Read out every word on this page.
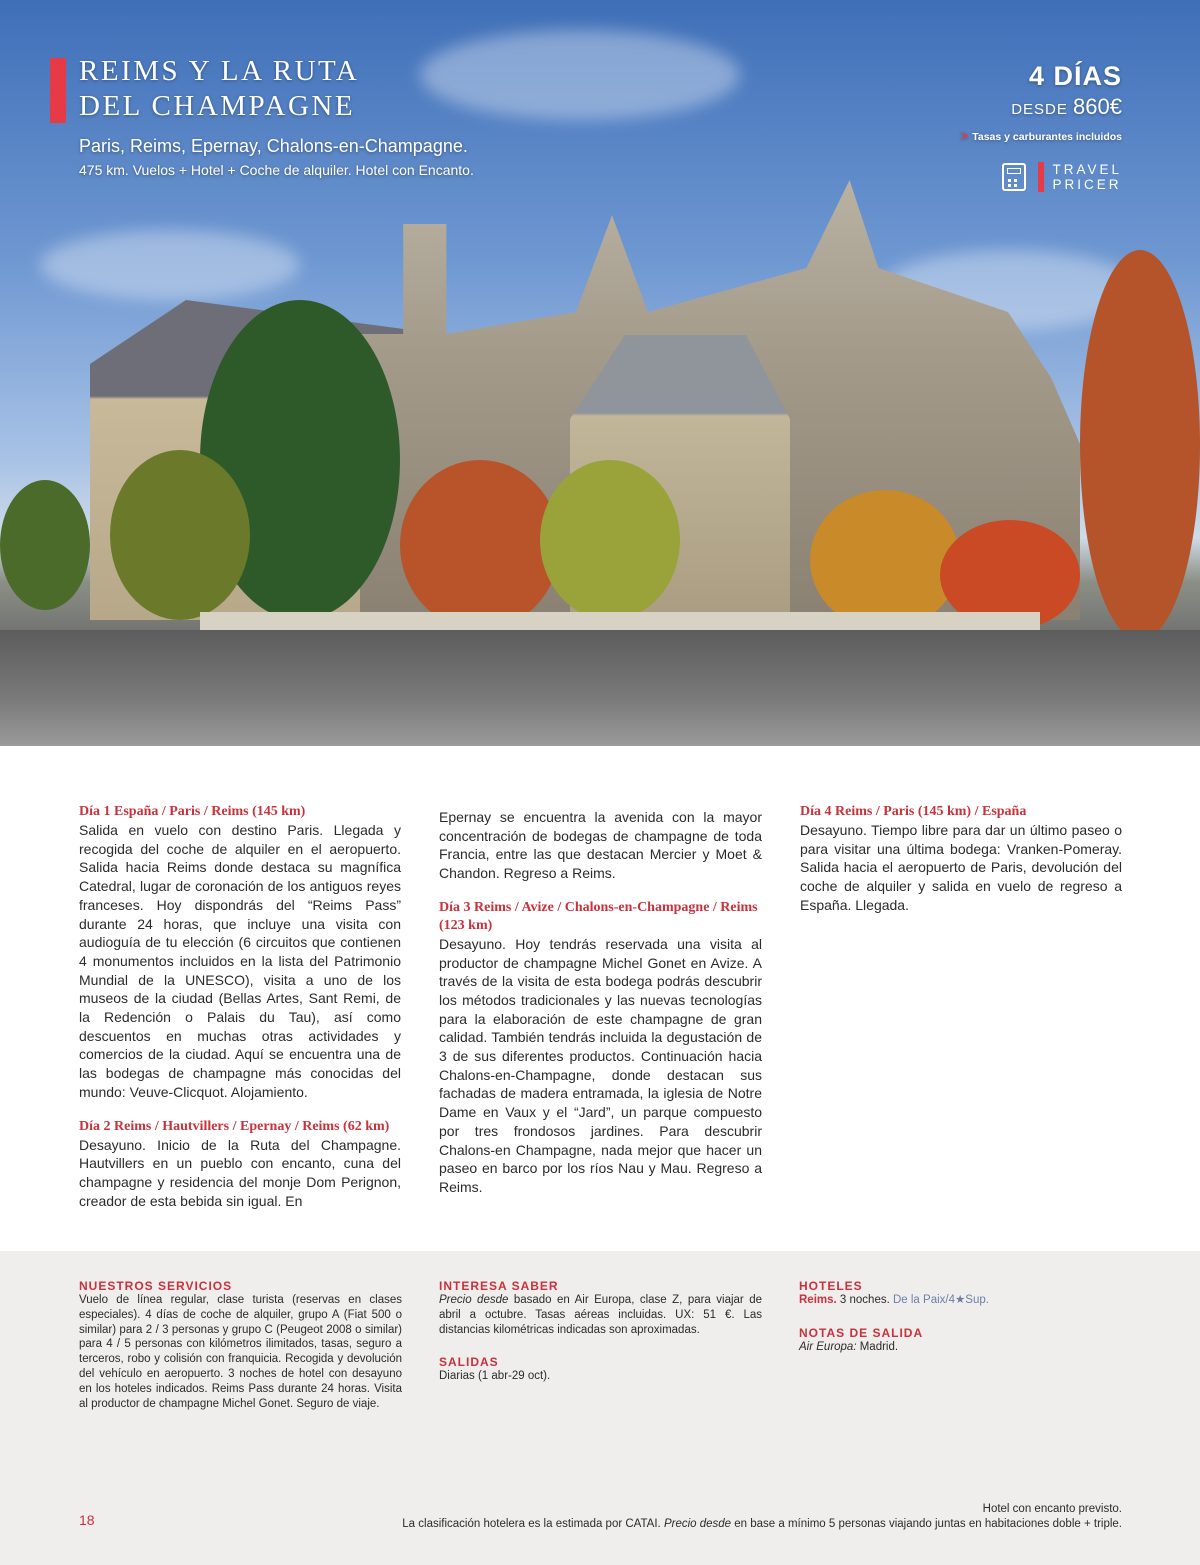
REIMS Y LA RUTA
DEL CHAMPAGNE
Paris, Reims, Epernay, Chalons-en-Champagne.
475 km. Vuelos + Hotel + Coche de alquiler. Hotel con Encanto.
4 DÍAS
DESDE 860€
> Tasas y carburantes incluidos
TRAVEL
PRICER
Día 1 España / Paris / Reims (145 km)

Salida en vuelo con destino Paris. Llegada y recogida del coche de alquiler en el aeropuerto. Salida hacia Reims donde destaca su magnífica Catedral, lugar de coronación de los antiguos reyes franceses. Hoy dispondrás del “Reims Pass” durante 24 horas, que incluye una visita con audioguía de tu elección (6 circuitos que contienen 4 monumentos incluidos en la lista del Patrimonio Mundial de la UNESCO), visita a uno de los museos de la ciudad (Bellas Artes, Sant Remi, de la Redención o Palais du Tau), así como descuentos en muchas otras actividades y comercios de la ciudad. Aquí se encuentra una de las bodegas de champagne más conocidas del mundo: Veuve-Clicquot. Alojamiento.

Día 2 Reims / Hautvillers / Epernay / Reims (62 km)

Desayuno. Inicio de la Ruta del Champagne. Hautvillers en un pueblo con encanto, cuna del champagne y residencia del monje Dom Perignon, creador de esta bebida sin igual. En

Epernay se encuentra la avenida con la mayor concentración de bodegas de champagne de toda Francia, entre las que destacan Mercier y Moet & Chandon. Regreso a Reims.

Día 3 Reims / Avize / Chalons-en-Champagne / Reims (123 km)

Desayuno. Hoy tendrás reservada una visita al productor de champagne Michel Gonet en Avize. A través de la visita de esta bodega podrás descubrir los métodos tradicionales y las nuevas tecnologías para la elaboración de este champagne de gran calidad. También tendrás incluida la degustación de 3 de sus diferentes productos. Continuación hacia Chalons-en-Champagne, donde destacan sus fachadas de madera entramada, la iglesia de Notre Dame en Vaux y el “Jard”, un parque compuesto por tres frondosos jardines. Para descubrir Chalons-en Champagne, nada mejor que hacer un paseo en barco por los ríos Nau y Mau. Regreso a Reims.

Día 4 Reims / Paris (145 km) / España

Desayuno. Tiempo libre para dar un último paseo o para visitar una última bodega: Vranken-Pomeray. Salida hacia el aeropuerto de Paris, devolución del coche de alquiler y salida en vuelo de regreso a España. Llegada.

NUESTROS SERVICIOS

Vuelo de línea regular, clase turista (reservas en clases especiales). 4 días de coche de alquiler, grupo A (Fiat 500 o similar) para 2 / 3 personas y grupo C (Peugeot 2008 o similar) para 4 / 5 personas con kilómetros ilimitados, tasas, seguro a terceros, robo y colisión con franquicia. Recogida y devolución del vehículo en aeropuerto. 3 noches de hotel con desayuno en los hoteles indicados. Reims Pass durante 24 horas. Visita al productor de champagne Michel Gonet. Seguro de viaje.

INTERESA SABER

Precio desde basado en Air Europa, clase Z, para viajar de abril a octubre. Tasas aéreas incluidas. UX: 51 €. Las distancias kilométricas indicadas son aproximadas.

SALIDAS

Diarias (1 abr-29 oct).

HOTELES

Reims. 3 noches. De la Paix/4★Sup.

NOTAS DE SALIDA

Air Europa: Madrid.

18

Hotel con encanto previsto.

La clasificación hotelera es la estimada por CATAI. Precio desde en base a mínimo 5 personas viajando juntas en habitaciones doble + triple.
